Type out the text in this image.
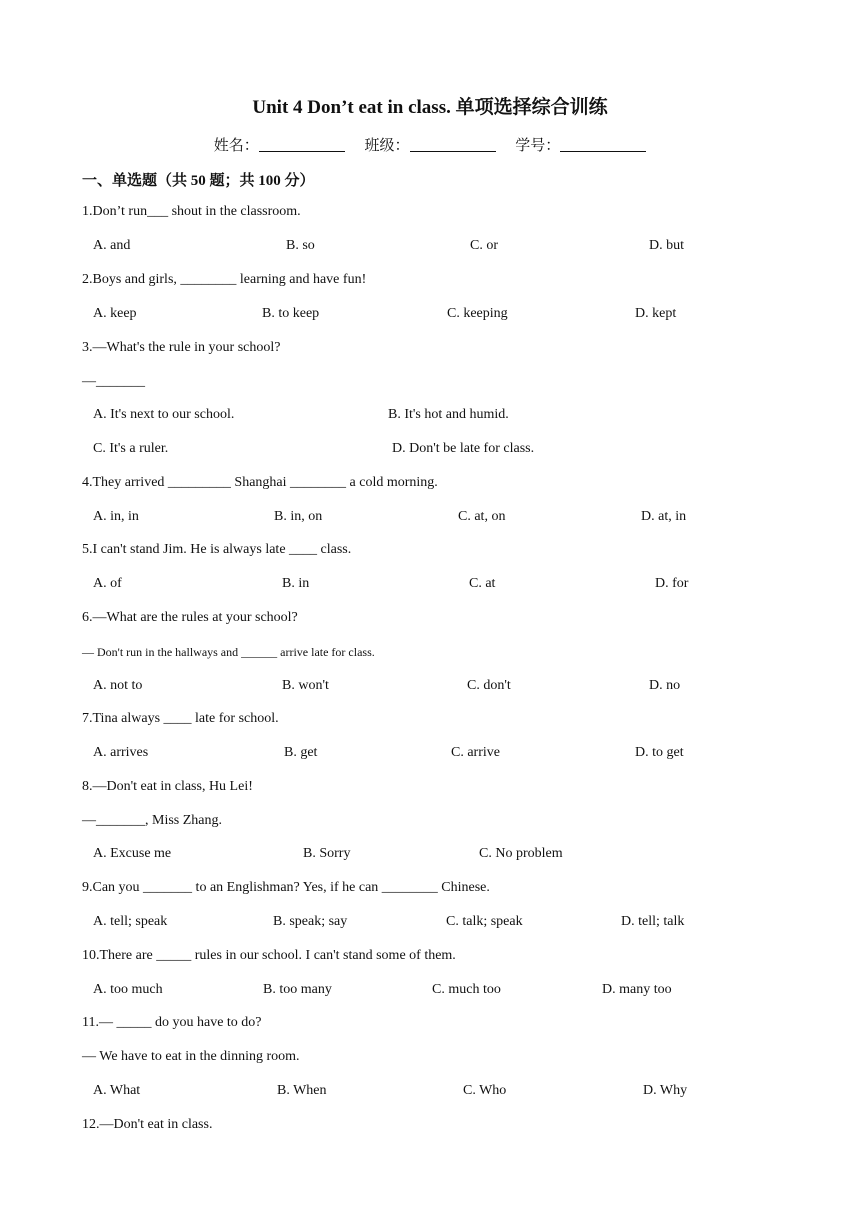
Unit 4 Don’t eat in class. 单项选择综合训练
姓名：	班级：	学号：
一、单选题（共 50 题；共 100 分）
1.Don’t run___ shout in the classroom.
A. and	B. so	C. or	D. but
2.Boys and girls, ________ learning and have fun!
A. keep	B. to keep	C. keeping	D. kept
3.—What's the rule in your school?
—_______
A. It's next to our school.	B. It's hot and humid.
C. It's a ruler.	D. Don't be late for class.
4.They arrived _________ Shanghai ________ a cold morning.
A. in, in	B. in, on	C. at, on	D. at, in
5.I can't stand Jim. He is always late ____ class.
A. of	B. in	C. at	D. for
6.—What are the rules at your school?
— Don't run in the hallways and ______ arrive late for class.
A. not to	B. won't	C. don't	D. no
7.Tina always ____ late for school.
A. arrives	B. get	C. arrive	D. to get
8.—Don't eat in class, Hu Lei!
—_______, Miss Zhang.
A. Excuse me	B. Sorry	C. No problem
9.Can you _______ to an Englishman? Yes, if he can ________ Chinese.
A. tell; speak	B. speak; say	C. talk; speak	D. tell; talk
10.There are _____ rules in our school. I can't stand some of them.
A. too much	B. too many	C. much too	D. many too
11.— _____ do you have to do?
— We have to eat in the dinning room.
A. What	B. When	C. Who	D. Why
12.—Don't eat in class.
